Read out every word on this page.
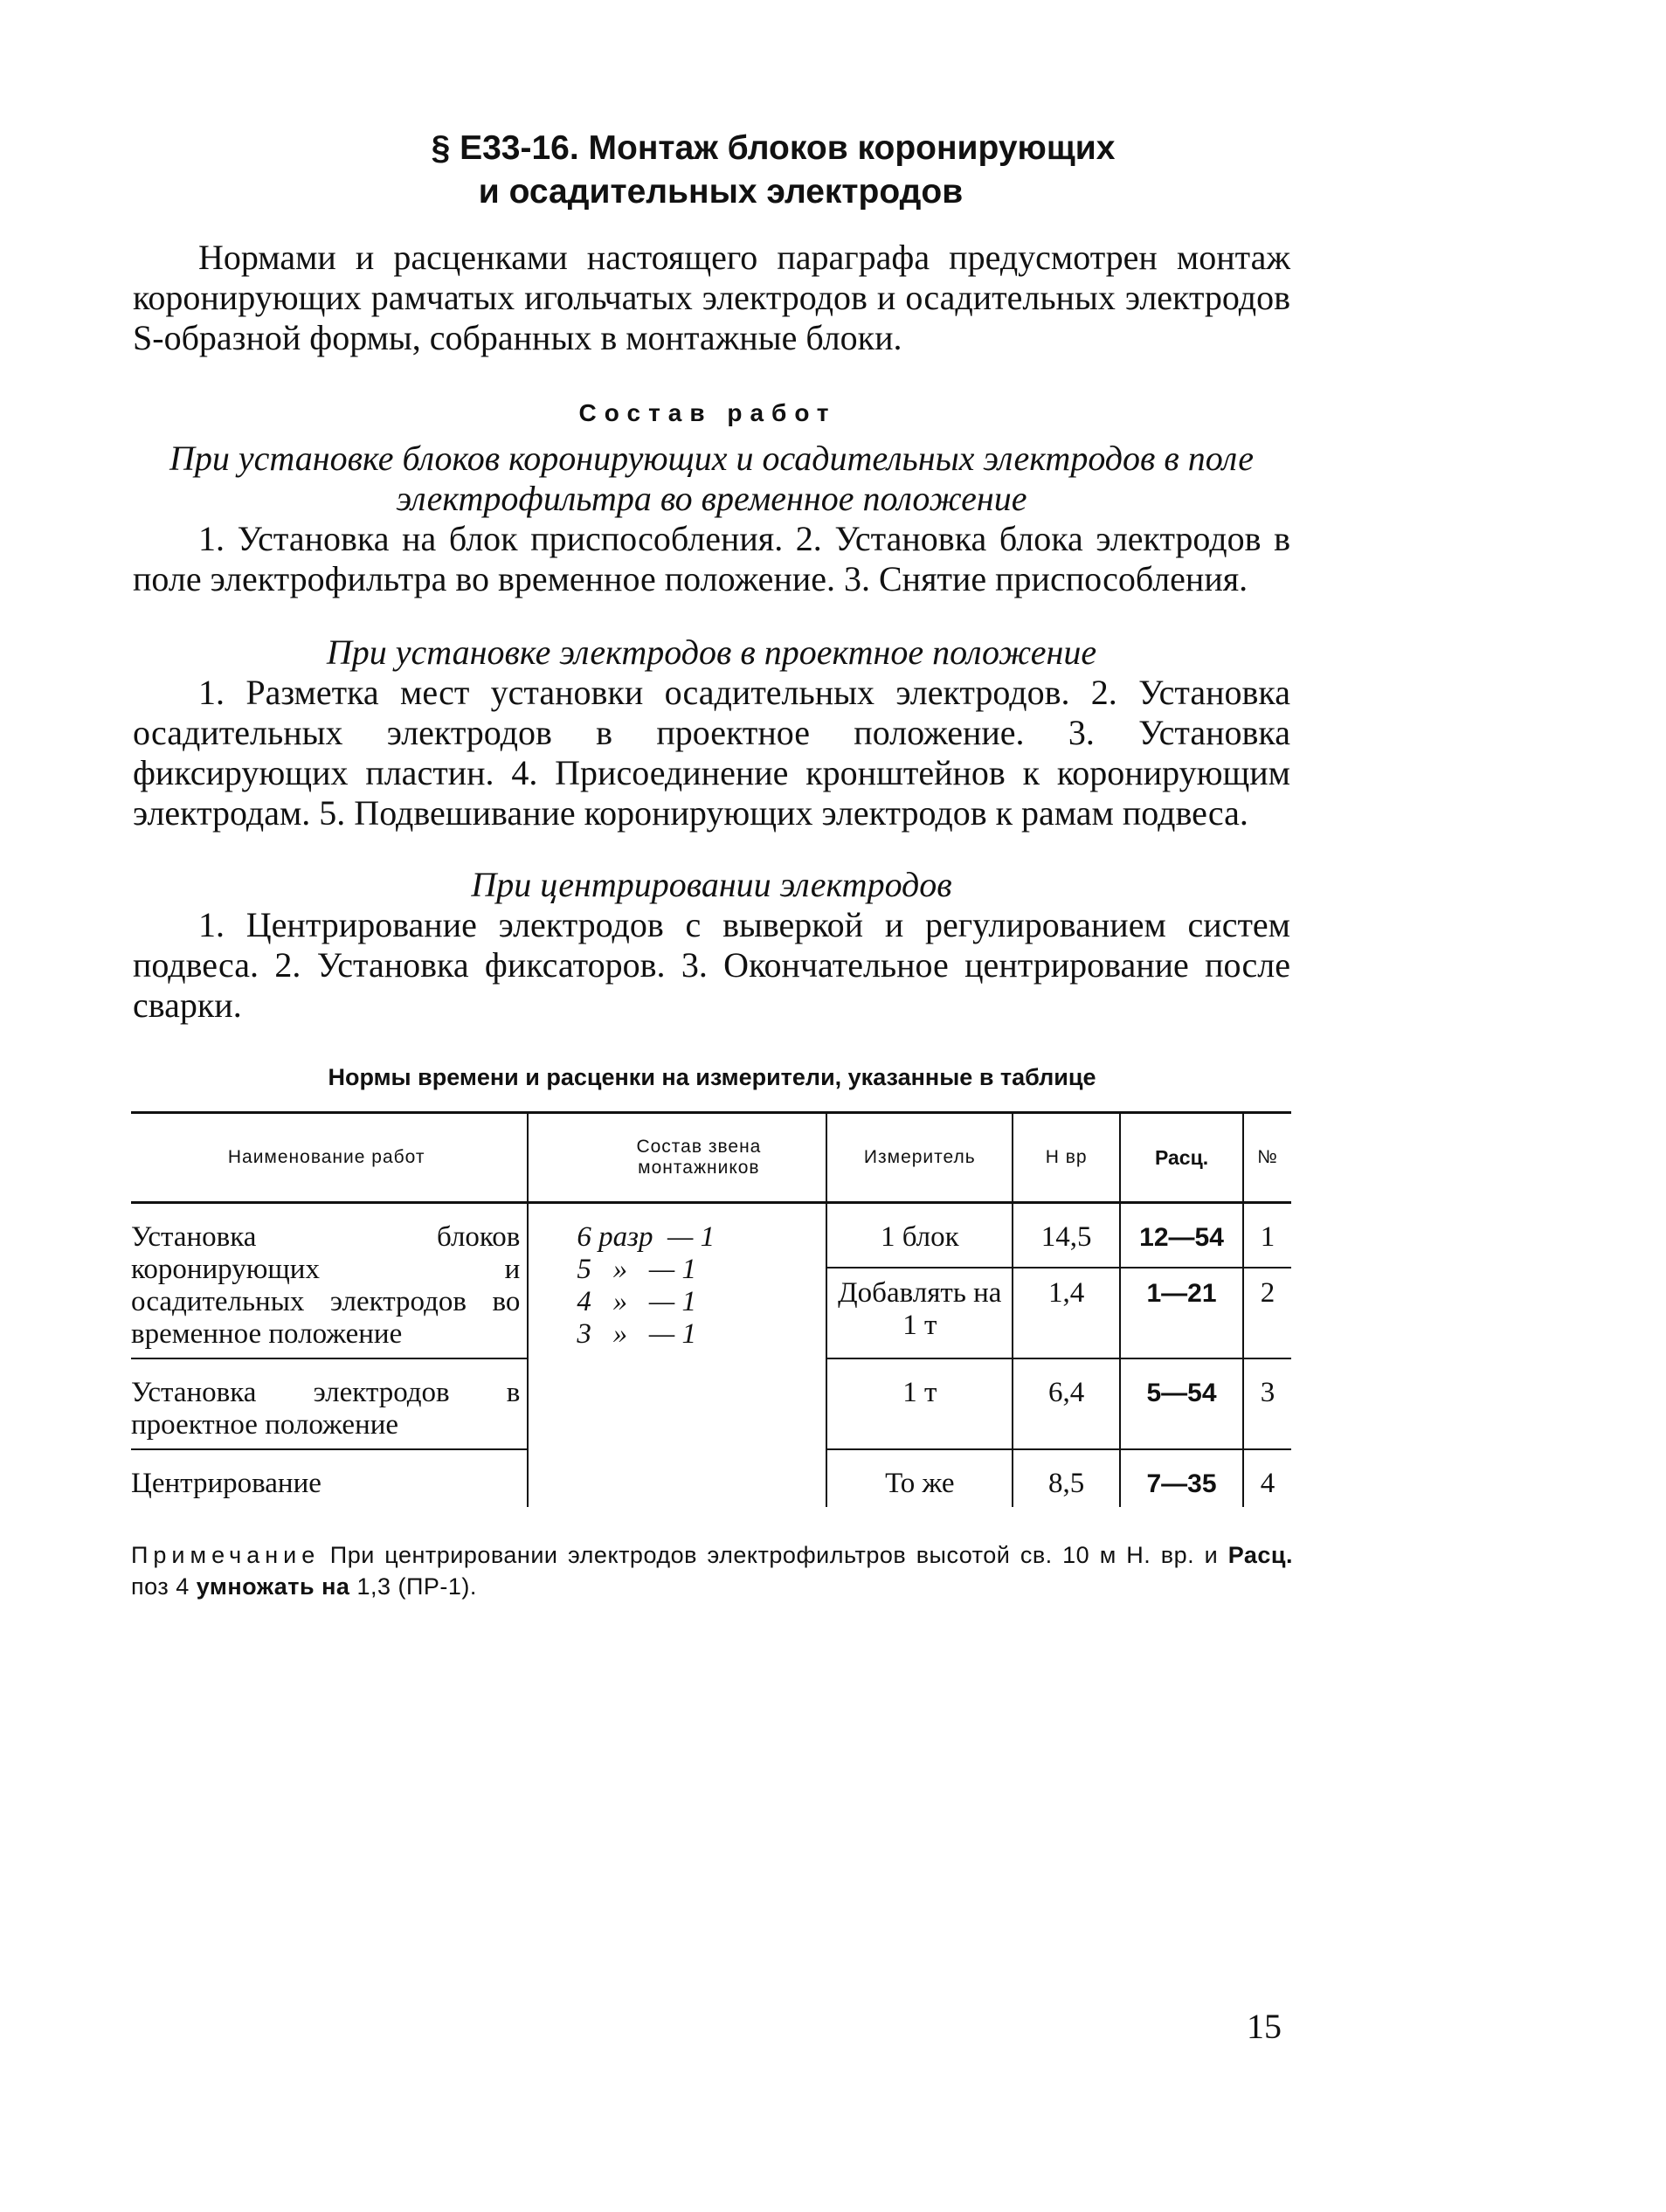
§ Е33-16. Монтаж блоков коронирующих
и осадительных электродов
Нормами и расценками настоящего параграфа предусмотрен монтаж коронирующих рамчатых игольчатых электродов и осадительных электродов S-образной формы, собранных в монтажные блоки.
Состав работ
При установке блоков коронирующих и осадительных электродов в поле электрофильтра во временное положение
1. Установка на блок приспособления. 2. Установка блока электродов в поле электрофильтра во временное положение. 3. Снятие приспособления.
При установке электродов в проектное положение
1. Разметка мест установки осадительных электродов. 2. Установка осадительных электродов в проектное положение. 3. Установка фиксирующих пластин. 4. Присоединение кронштейнов к коронирующим электродам. 5. Подвешивание коронирующих электродов к рамам подвеса.
При центрировании электродов
1. Центрирование электродов с выверкой и регулированием систем подвеса. 2. Установка фиксаторов. 3. Окончательное центрирование после сварки.
Нормы времени и расценки на измерители, указанные в таблице
Наименование работ	Состав звена монтажников	Измеритель	Н вр	Расц.	№
Установка блоков коронирующих и осадительных электродов во временное положение	6 разр  — 1
5   »   — 1
4   »   — 1
3   »   — 1	1 блок	14,5	12—54	1
		Добавлять на 1 т	1,4	1—21	2
Установка электродов в проектное положение		1 т	6,4	5—54	3
Центрирование		То же	8,5	7—35	4
Примечание При центрировании электродов электрофильтров высотой св. 10 м Н. вр. и Расц. поз 4 умножать на 1,3 (ПР-1).
15
